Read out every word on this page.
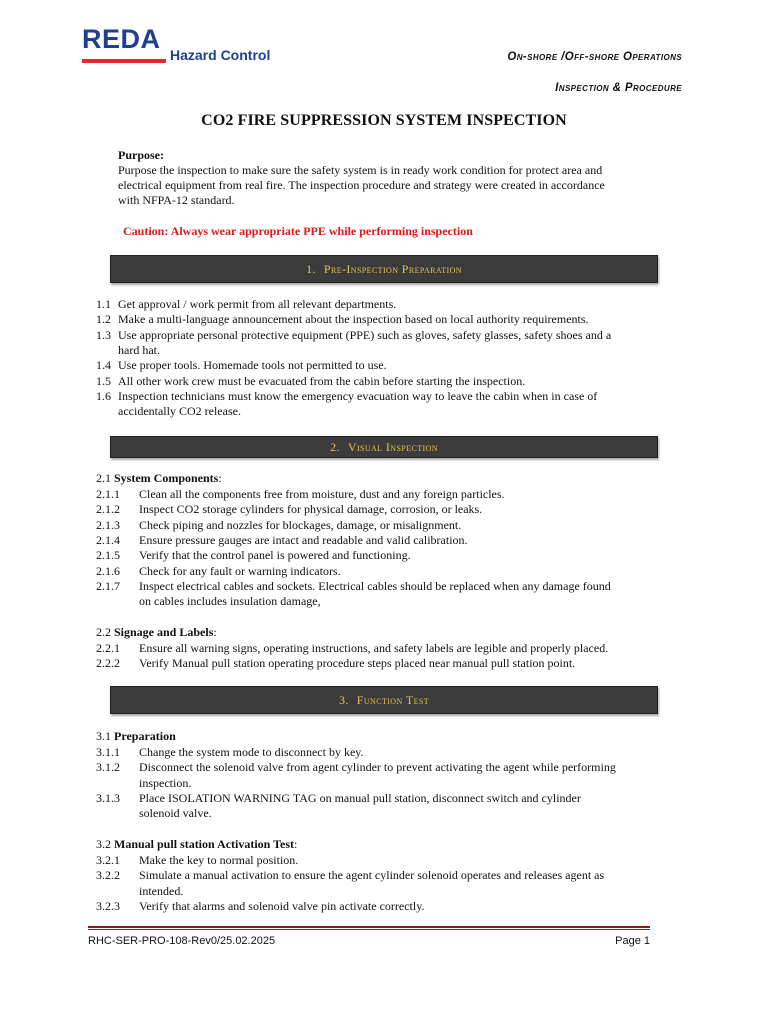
REDA
Hazard Control	On-shore /Off-shore Operations
Inspection & Procedure
CO2 FIRE SUPPRESSION SYSTEM INSPECTION
Purpose:
Purpose the inspection to make sure the safety system is in ready work condition for protect area and
electrical equipment from real fire. The inspection procedure and strategy were created in accordance
with NFPA-12 standard.
Caution: Always wear appropriate PPE while performing inspection
1. Pre-Inspection Preparation
1.1 Get approval / work permit from all relevant departments.
1.2 Make a multi-language announcement about the inspection based on local authority requirements.
1.3 Use appropriate personal protective equipment (PPE) such as gloves, safety glasses, safety shoes and a
hard hat.
1.4 Use proper tools. Homemade tools not permitted to use.
1.5 All other work crew must be evacuated from the cabin before starting the inspection.
1.6 Inspection technicians must know the emergency evacuation way to leave the cabin when in case of
accidentally CO2 release.
2. Visual Inspection
2.1 System Components:
2.1.1 Clean all the components free from moisture, dust and any foreign particles.
2.1.2 Inspect CO2 storage cylinders for physical damage, corrosion, or leaks.
2.1.3 Check piping and nozzles for blockages, damage, or misalignment.
2.1.4 Ensure pressure gauges are intact and readable and valid calibration.
2.1.5 Verify that the control panel is powered and functioning.
2.1.6 Check for any fault or warning indicators.
2.1.7 Inspect electrical cables and sockets. Electrical cables should be replaced when any damage found
on cables includes insulation damage,
2.2 Signage and Labels:
2.2.1 Ensure all warning signs, operating instructions, and safety labels are legible and properly placed.
2.2.2 Verify Manual pull station operating procedure steps placed near manual pull station point.
3. Function Test
3.1 Preparation
3.1.1 Change the system mode to disconnect by key.
3.1.2 Disconnect the solenoid valve from agent cylinder to prevent activating the agent while performing
inspection.
3.1.3 Place ISOLATION WARNING TAG on manual pull station, disconnect switch and cylinder
solenoid valve.
3.2 Manual pull station Activation Test:
3.2.1 Make the key to normal position.
3.2.2 Simulate a manual activation to ensure the agent cylinder solenoid operates and releases agent as
intended.
3.2.3 Verify that alarms and solenoid valve pin activate correctly.
RHC-SER-PRO-108-Rev0/25.02.2025	Page 1
